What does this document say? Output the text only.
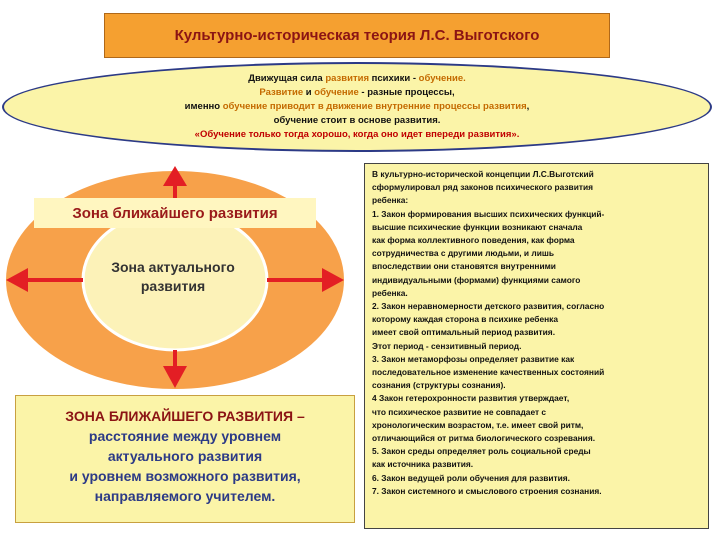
Культурно-историческая теория Л.С. Выготского
Движущая сила развития психики - обучение.
Развитие и обучение - разные процессы,
именно обучение приводит в движение внутренние процессы развития,
обучение стоит в основе развития.
«Обучение только тогда хорошо, когда оно идет впереди развития».
Зона ближайшего развития
Зона актуального
развития
ЗОНА БЛИЖАЙШЕГО РАЗВИТИЯ –
расстояние между уровнем
актуального развития
и уровнем возможного развития,
направляемого учителем.
В культурно-исторической концепции Л.С.Выготский
сформулировал ряд законов психического развития
ребенка:
1. Закон формирования высших психических функций-
высшие психические функции возникают сначала
как форма коллективного поведения, как форма
сотрудничества с другими людьми, и лишь
впоследствии они становятся внутренними
индивидуальными (формами) функциями самого
ребенка.
2. Закон неравномерности детского развития, согласно
которому каждая сторона в психике ребенка
имеет свой оптимальный период развития.
Этот период - сензитивный период.
3. Закон метаморфозы определяет развитие как
последовательное изменение качественных состояний
сознания (структуры сознания).
4 Закон гетерохронности развития утверждает,
что психическое развитие не совпадает с
хронологическим возрастом, т.е. имеет свой ритм,
отличающийся от ритма биологического созревания.
5. Закон среды определяет роль социальной среды
как источника развития.
6. Закон ведущей роли обучения для развития.
7. Закон системного и смыслового строения сознания.
